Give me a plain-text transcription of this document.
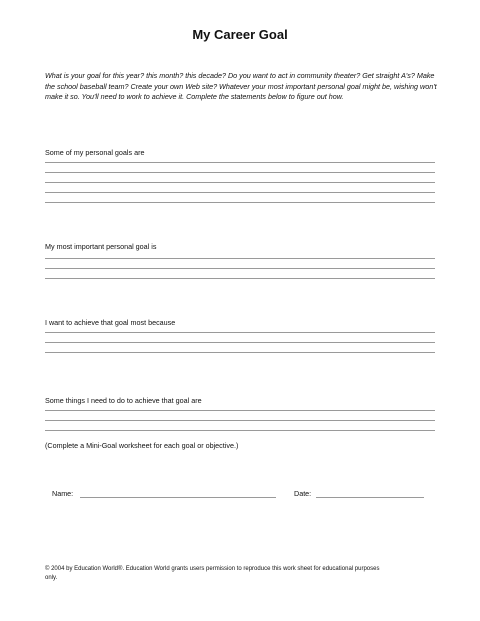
My Career Goal
What is your goal for this year? this month? this decade? Do you want to act in community theater? Get straight A's? Make the school baseball team? Create your own Web site? Whatever your most important personal goal might be, wishing won't make it so. You'll need to work to achieve it. Complete the statements below to figure out how.
Some of my personal goals are
My most important personal goal is
I want to achieve that goal most because
Some things I need to do to achieve that goal are
(Complete a Mini-Goal worksheet for each goal or objective.)
Name:	Date:
© 2004 by Education World®. Education World grants users permission to reproduce this work sheet for educational purposes only.
